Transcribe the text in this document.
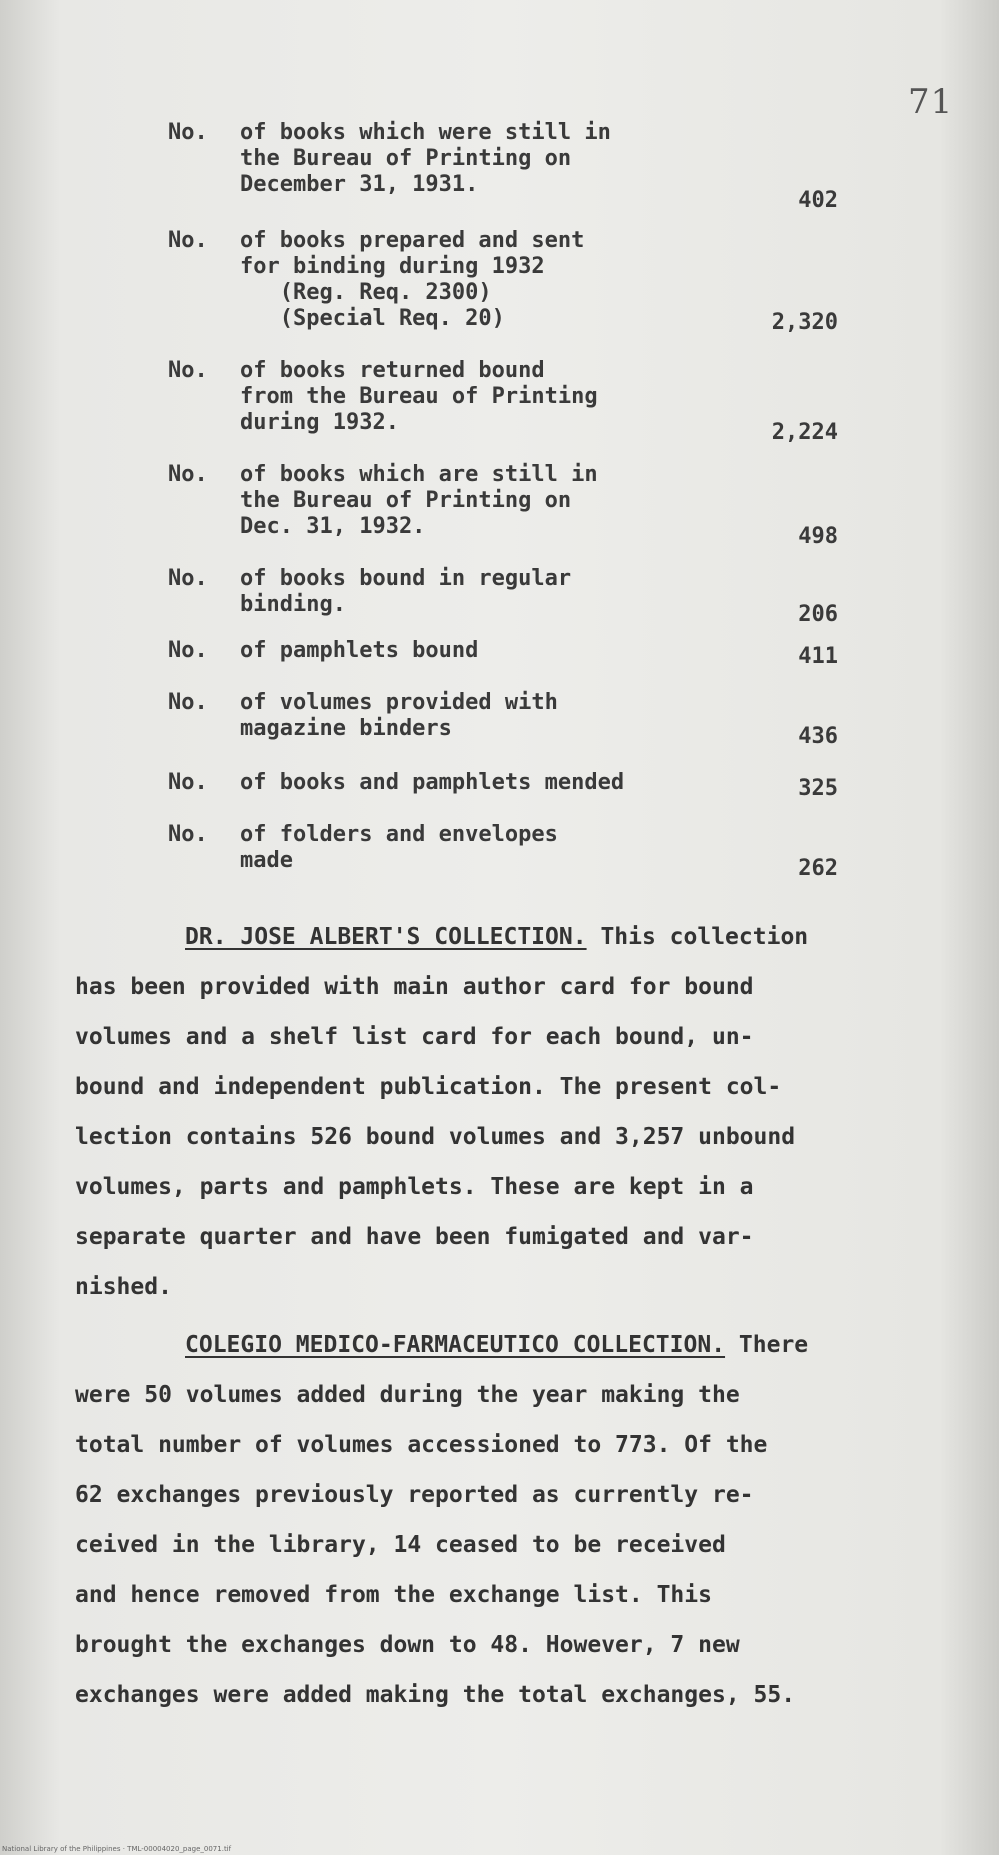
71
No. of books which were still in
the Bureau of Printing on
December 31, 1931.
402
No. of books prepared and sent
for binding during 1932
(Reg. Req. 2300)
(Special Req. 20)	2,320
No. of books returned bound
from the Bureau of Printing
during 1932.	2,224
No. of books which are still in
the Bureau of Printing on
Dec. 31, 1932.	498
No. of books bound in regular
binding.	206
No. of pamphlets bound	411
No. of volumes provided with
magazine binders	436
No. of books and pamphlets mended	325
No. of folders and envelopes
made	262
DR. JOSE ALBERT'S COLLECTION. This collection
has been provided with main author card for bound
volumes and a shelf list card for each bound, un-
bound and independent publication. The present col-
lection contains 526 bound volumes and 3,257 unbound
volumes, parts and pamphlets. These are kept in a
separate quarter and have been fumigated and var-
nished.
COLEGIO MEDICO-FARMACEUTICO COLLECTION. There
were 50 volumes added during the year making the
total number of volumes accessioned to 773. Of the
62 exchanges previously reported as currently re-
ceived in the library, 14 ceased to be received
and hence removed from the exchange list. This
brought the exchanges down to 48. However, 7 new
exchanges were added making the total exchanges, 55.
National Library of the Philippines · TML-00004020_page_0071.tif
